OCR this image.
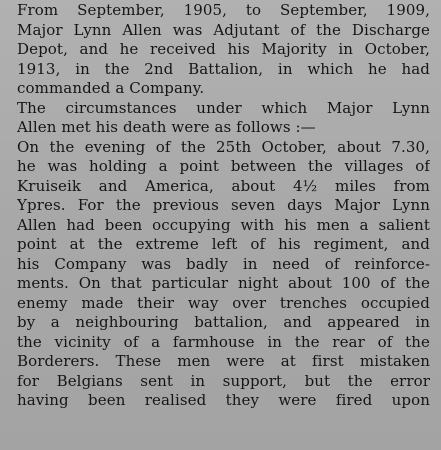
From September, 1905, to September, 1909,
Major Lynn Allen was Adjutant of the Discharge
Depot, and he received his Majority in October,
1913, in the 2nd Battalion, in which he had
commanded a Company.
The circumstances under which Major Lynn
Allen met his death were as follows :—
On the evening of the 25th October, about 7.30,
he was holding a point between the villages of
Kruiseik and America, about 4½ miles from
Ypres. For the previous seven days Major Lynn
Allen had been occupying with his men a salient
point at the extreme left of his regiment, and
his Company was badly in need of reinforce-
ments. On that particular night about 100 of the
enemy made their way over trenches occupied
by a neighbouring battalion, and appeared in
the vicinity of a farmhouse in the rear of the
Borderers. These men were at first mistaken
for Belgians sent in support, but the error
having been realised they were fired upon
